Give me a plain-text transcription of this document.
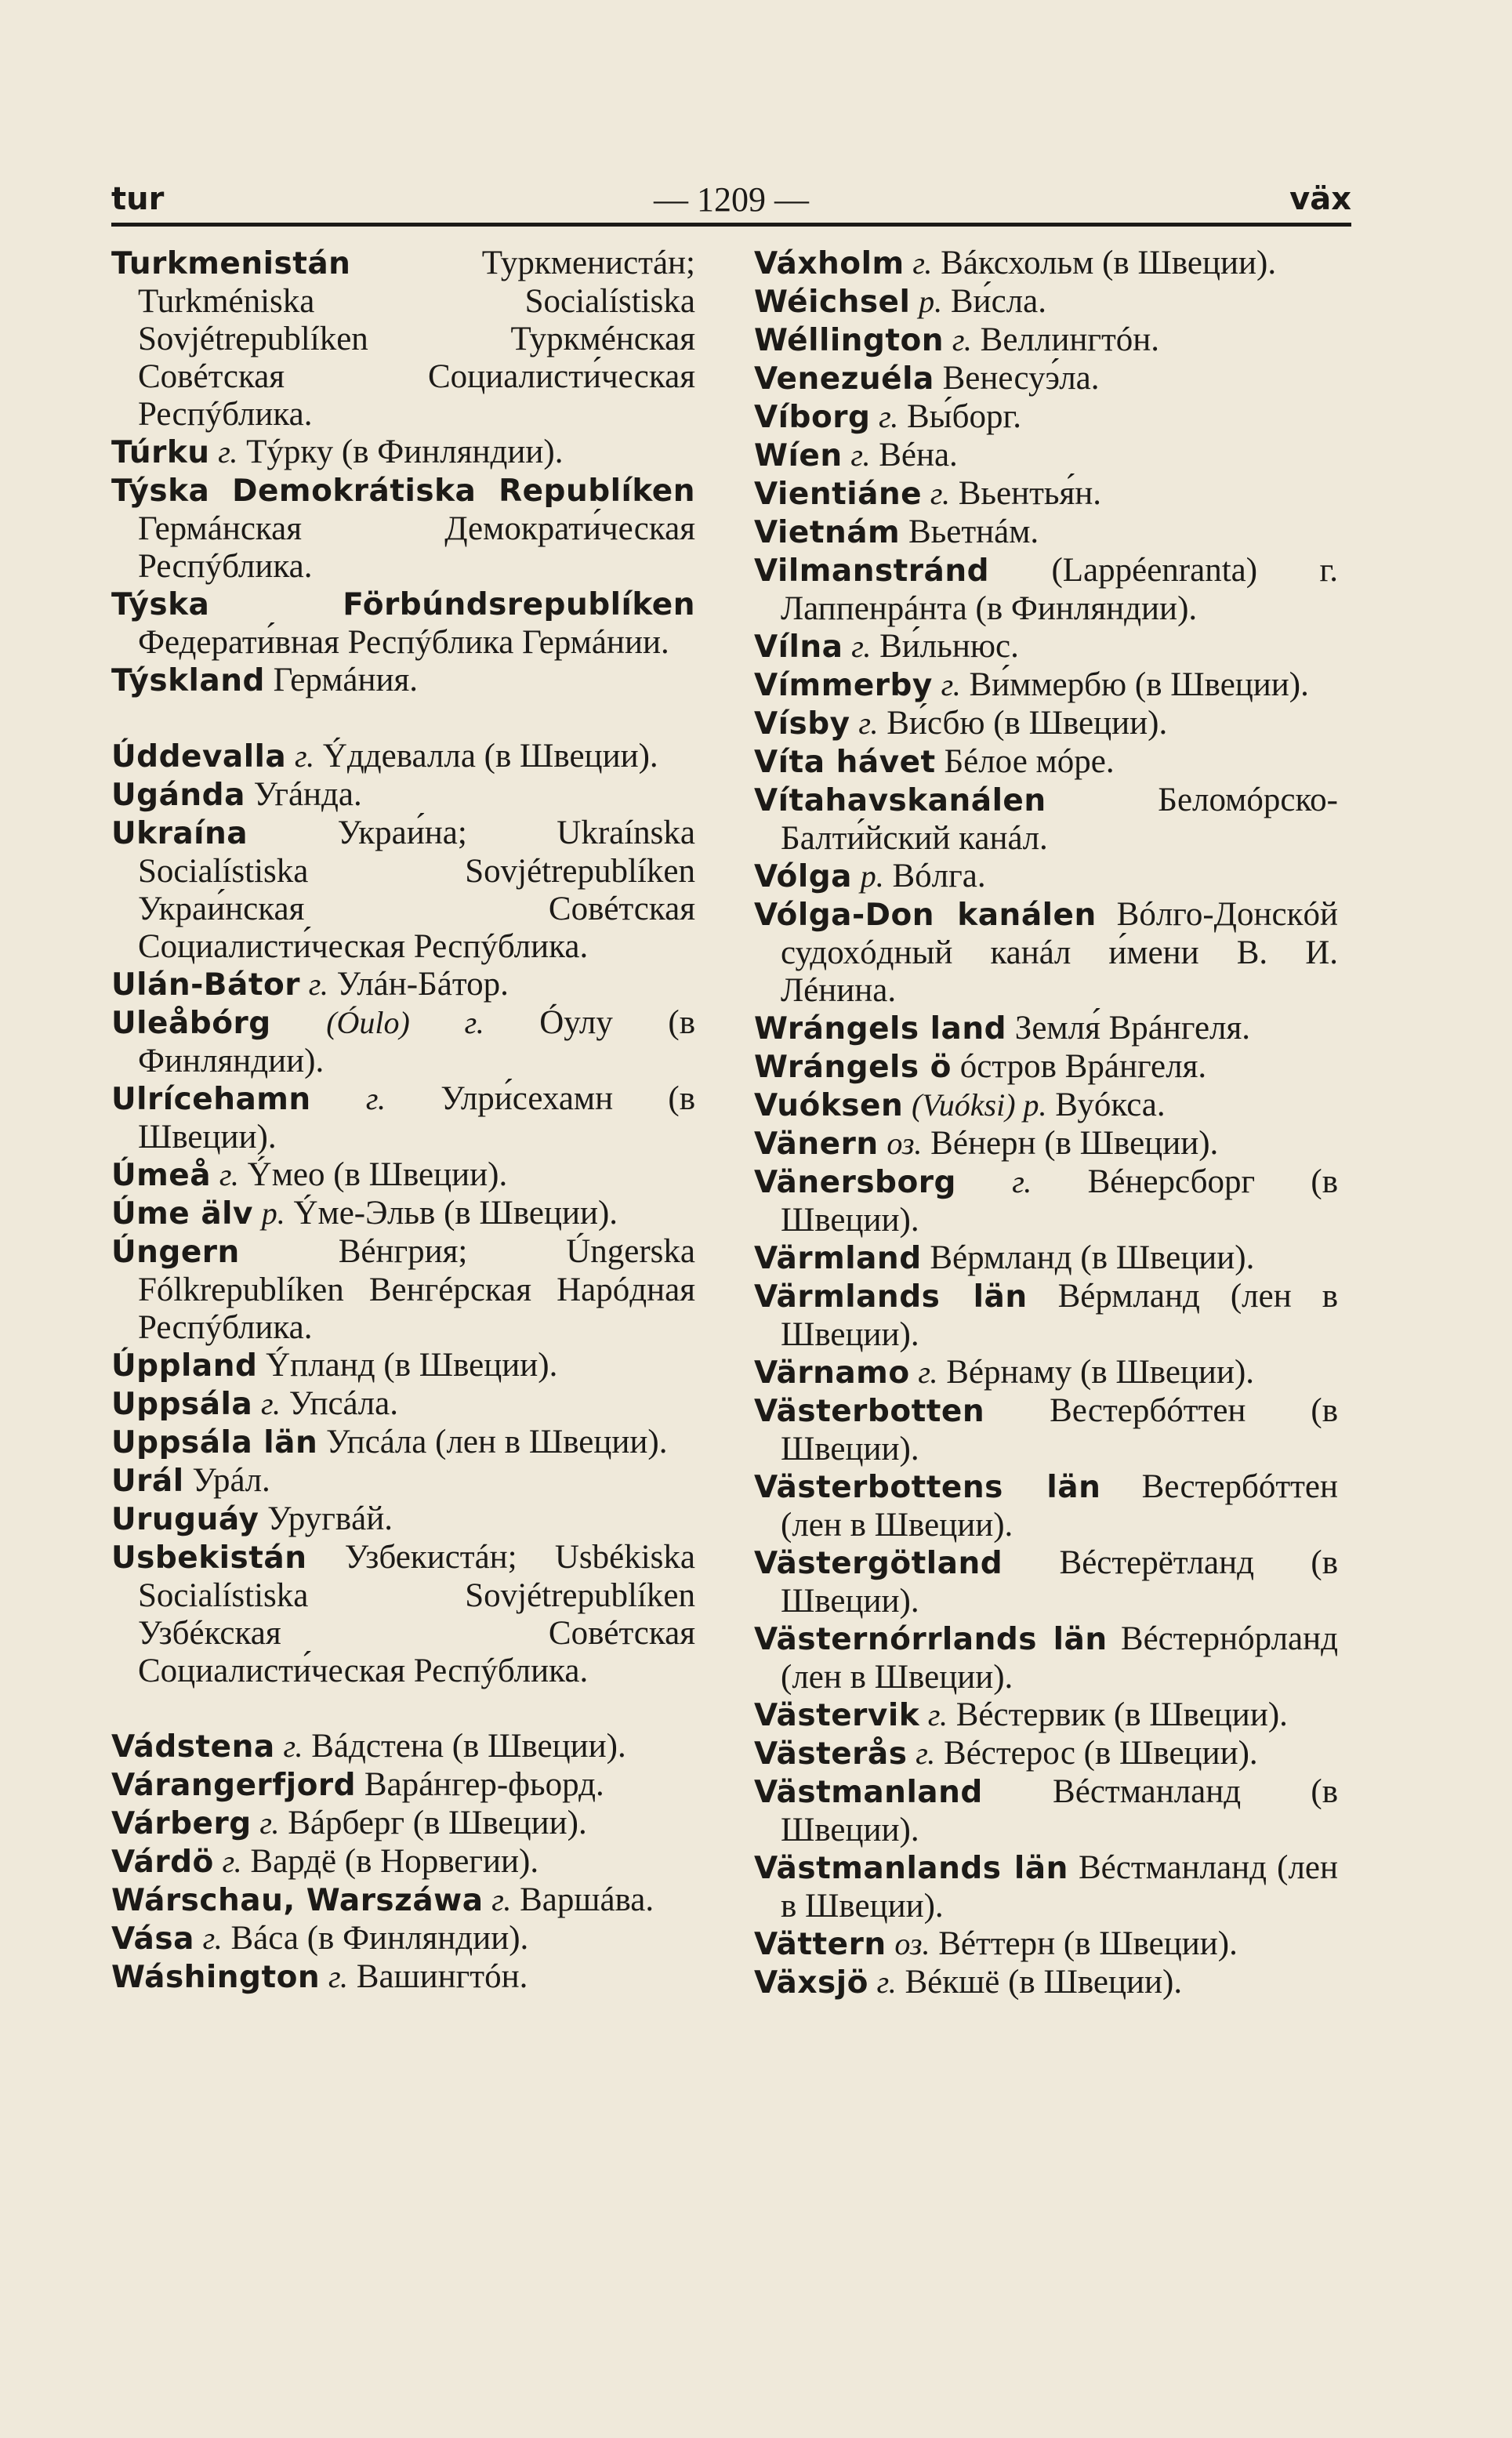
tur	— 1209 —	väx

Turkmenistán	Туркменистáн; Turkméniska Socialístiska Sovjétrepublíken Туркмéнская Совéтская Социалисти́ческая Респýблика.

Túrku г. Тýрку (в Финляндии).

Týska Demokrátiska Republíken Гермáнская Демократи́ческая Респýблика.

Týska Förbúndsrepublíken Федерати́вная Респýблика Гермáнии.

Týskland Гермáния.

Úddevalla г. Ýддевалла (в Швеции).

Ugánda Угáнда.

Ukraína	Украи́на; Ukraínska Socialístiska Sovjétrepublíken Украи́нская Совéтская Социалисти́ческая Респýблика.

Ulán-Bátor г. Улáн-Бáтор.

Uleåbórg (Óulo) г. Óулу (в Финляндии).

Ulrícehamn г. Улри́сехамн (в Швеции).

Úmeå г. Ýмео (в Швеции).

Úme älv р. Ýме-Эльв (в Швеции).

Úngern	Вéнгрия; Úngerska Fólkrepublíken Венгéрская Нарóдная Респýблика.

Úppland Ýпланд (в Швеции).

Uppsála г. Упсáла.

Uppsála län Упсáла (лен в Швеции).

Urál Урáл.

Uruguáy Уругвáй.

Usbekistán Узбекистáн; Usbékiska Socialístiska Sovjétrepublíken Узбéкская Совéтская Социалисти́ческая Респýблика.

Vádstena г. Вáдстена (в Швеции).

Várangerfjord Варáнгер-фьорд.

Várberg г. Вáрберг (в Швеции).

Várdö г. Вардё (в Норвегии).

Wárschau, Warszáwa г. Варшáва.

Vása г. Вáса (в Финляндии).

Wáshington г. Вашингтóн.

Váxholm г. Вáксхольм (в Швеции).

Wéichsel р. Ви́сла.

Wéllington г. Веллингтóн.

Venezuéla Венесуэ́ла.

Víborg г. Вы́борг.

Wíen г. Вéна.

Vientiáne г. Вьентья́н.

Vietnám Вьетнáм.

Vilmanstránd (Lappéenranta) г. Лаппенрáнта (в Финляндии).

Vílna г. Ви́льнюс.

Vímmerby г. Ви́ммербю (в Швеции).

Vísby г. Ви́сбю (в Швеции).

Víta hávet Бéлое мóре.

Vítahavskanálen	Беломóрско-Балти́йский канáл.

Vólga р. Вóлга.

Vólga-Don kanálen Вóлго-Донскóй судохóдный канáл и́мени В. И. Лéнина.

Wrángels land Земля́ Врáнгеля.

Wrángels ö óстров Врáнгеля.

Vuóksen (Vuóksi) р. Вуóкса.

Vänern оз. Вéнерн (в Швеции).

Vänersborg г. Вéнерсборг (в Швеции).

Värmland Вéрмланд (в Швеции).

Värmlands län Вéрмланд (лен в Швеции).

Värnamo г. Вéрнаму (в Швеции).

Västerbotten Вестербóттен (в Швеции).

Västerbottens län Вестербóттен (лен в Швеции).

Västergötland Вéстерётланд (в Швеции).

Västernórrlands län Вéстернóрланд (лен в Швеции).

Västervik г. Вéстервик (в Швеции).

Västerås г. Вéстерос (в Швеции).

Västmanland Вéстманланд (в Швеции).

Västmanlands län Вéстманланд (лен в Швеции).

Vättern оз. Вéттерн (в Швеции).

Växsjö г. Вéкшё (в Швеции).
